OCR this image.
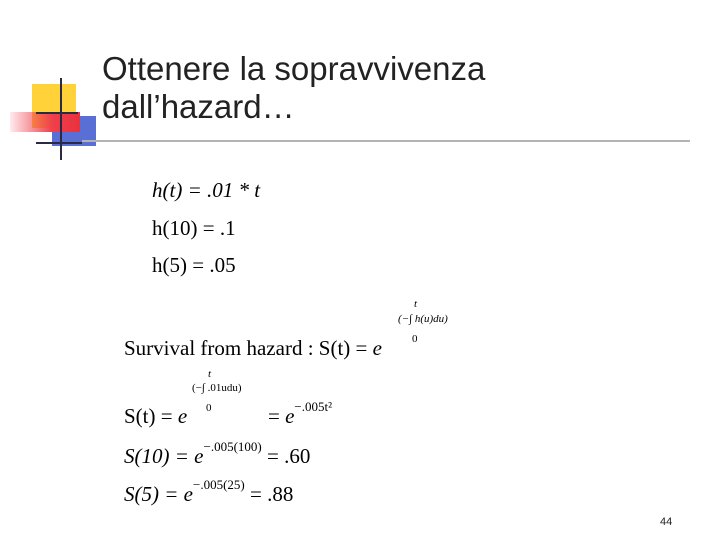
Ottenere la sopravvivenza
dall’hazard…
h(t) = .01 * t
h(10) = .1
h(5) = .05
Survival from hazard : S(t) = e
t
(−∫ h(u)du)
0
S(t) = e
t
(−∫ .01udu)
0	= $e^{-.005t^2}$
$S(10) = e^{-.005(100)} = .60$
$S(5) = e^{-.005(25)} = .88$
44
